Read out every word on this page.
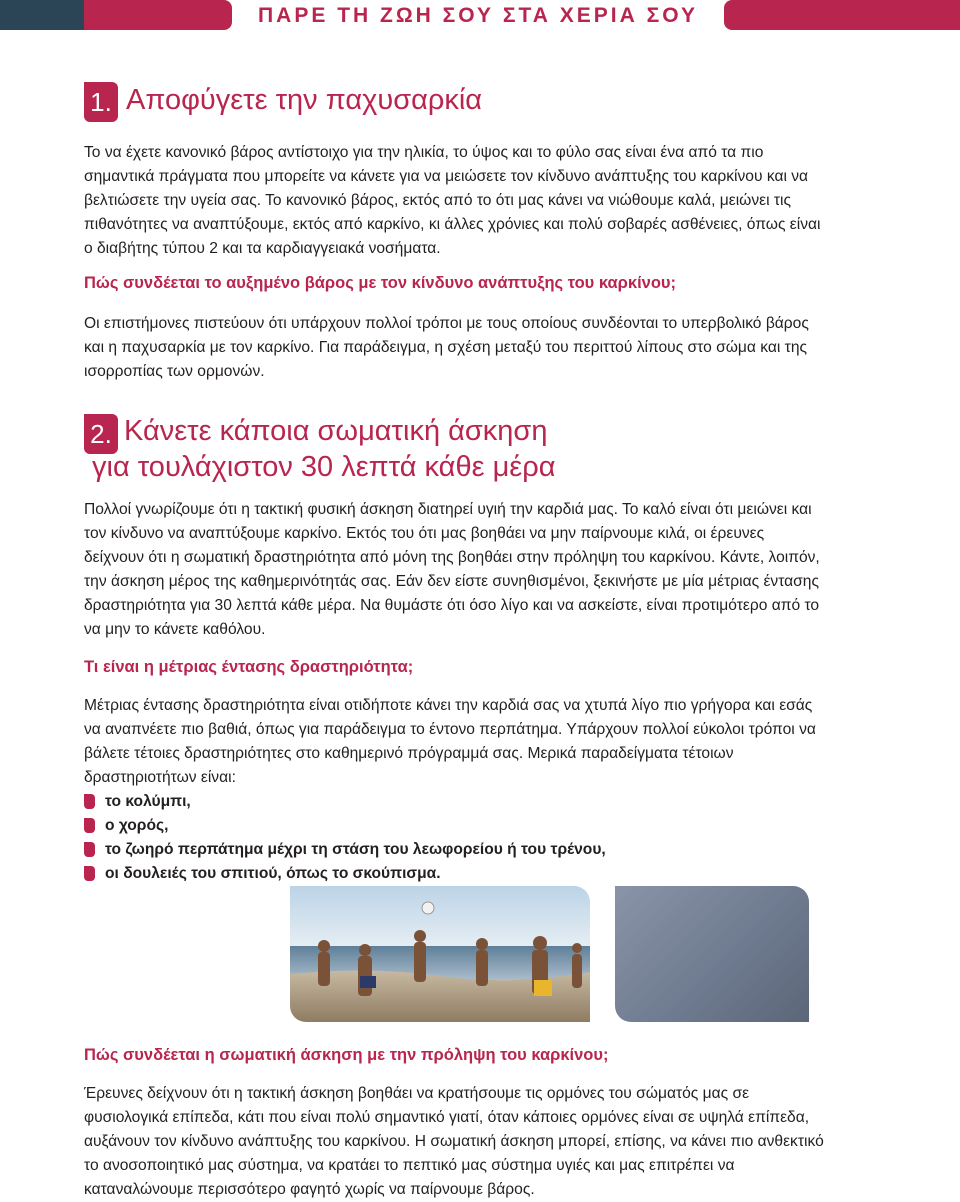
ΠΑΡΕ ΤΗ ΖΩΗ ΣΟΥ ΣΤΑ ΧΕΡΙΑ ΣΟΥ
1. Αποφύγετε την παχυσαρκία

Το να έχετε κανονικό βάρος αντίστοιχο για την ηλικία, το ύψος και το φύλο σας είναι ένα από τα πιο σημαντικά πράγματα που μπορείτε να κάνετε για να μειώσετε τον κίνδυνο ανάπτυξης του καρκίνου και να βελτιώσετε την υγεία σας. Το κανονικό βάρος, εκτός από το ότι μας κάνει να νιώθουμε καλά, μειώνει τις πιθανότητες να αναπτύξουμε, εκτός από καρκίνο, κι άλλες χρόνιες και πολύ σοβαρές ασθένειες, όπως είναι ο διαβήτης τύπου 2 και τα καρδιαγγειακά νοσήματα.

Πώς συνδέεται το αυξημένο βάρος με τον κίνδυνο ανάπτυξης του καρκίνου;

Οι επιστήμονες πιστεύουν ότι υπάρχουν πολλοί τρόποι με τους οποίους συνδέονται το υπερβολικό βάρος και η παχυσαρκία με τον καρκίνο. Για παράδειγμα, η σχέση μεταξύ του περιττού λίπους στο σώμα και της ισορροπίας των ορμονών.

2. Κάνετε κάποια σωματική άσκηση
για τουλάχιστον 30 λεπτά κάθε μέρα

Πολλοί γνωρίζουμε ότι η τακτική φυσική άσκηση διατηρεί υγιή την καρδιά μας. Το καλό είναι ότι μειώνει και τον κίνδυνο να αναπτύξουμε καρκίνο. Εκτός του ότι μας βοηθάει να μην παίρνουμε κιλά, οι έρευνες δείχνουν ότι η σωματική δραστηριότητα από μόνη της βοηθάει στην πρόληψη του καρκίνου. Κάντε, λοιπόν, την άσκηση μέρος της καθημερινότητάς σας. Εάν δεν είστε συνηθισμένοι, ξεκινήστε με μία μέτριας έντασης δραστηριότητα για 30 λεπτά κάθε μέρα. Να θυμάστε ότι όσο λίγο και να ασκείστε, είναι προτιμότερο από το να μην το κάνετε καθόλου.

Τι είναι η μέτριας έντασης δραστηριότητα;

Μέτριας έντασης δραστηριότητα είναι οτιδήποτε κάνει την καρδιά σας να χτυπά λίγο πιο γρήγορα και εσάς να αναπνέετε πιο βαθιά, όπως για παράδειγμα το έντονο περπάτημα. Υπάρχουν πολλοί εύκολοι τρόποι να βάλετε τέτοιες δραστηριότητες στο καθημερινό πρόγραμμά σας. Μερικά παραδείγματα τέτοιων δραστηριοτήτων είναι:

το κολύμπι,
ο χορός,
το ζωηρό περπάτημα μέχρι τη στάση του λεωφορείου ή του τρένου,
οι δουλειές του σπιτιού, όπως το σκούπισμα.
Πώς συνδέεται η σωματική άσκηση με την πρόληψη του καρκίνου;

Έρευνες δείχνουν ότι η τακτική άσκηση βοηθάει να κρατήσουμε τις ορμόνες του σώματός μας σε φυσιολογικά επίπεδα, κάτι που είναι πολύ σημαντικό γιατί, όταν κάποιες ορμόνες είναι σε υψηλά επίπεδα, αυξάνουν τον κίνδυνο ανάπτυξης του καρκίνου. Η σωματική άσκηση μπορεί, επίσης, να κάνει πιο ανθεκτικό το ανοσοποιητικό μας σύστημα, να κρατάει το πεπτικό μας σύστημα υγιές και μας επιτρέπει να καταναλώνουμε περισσότερο φαγητό χωρίς να παίρνουμε βάρος.
